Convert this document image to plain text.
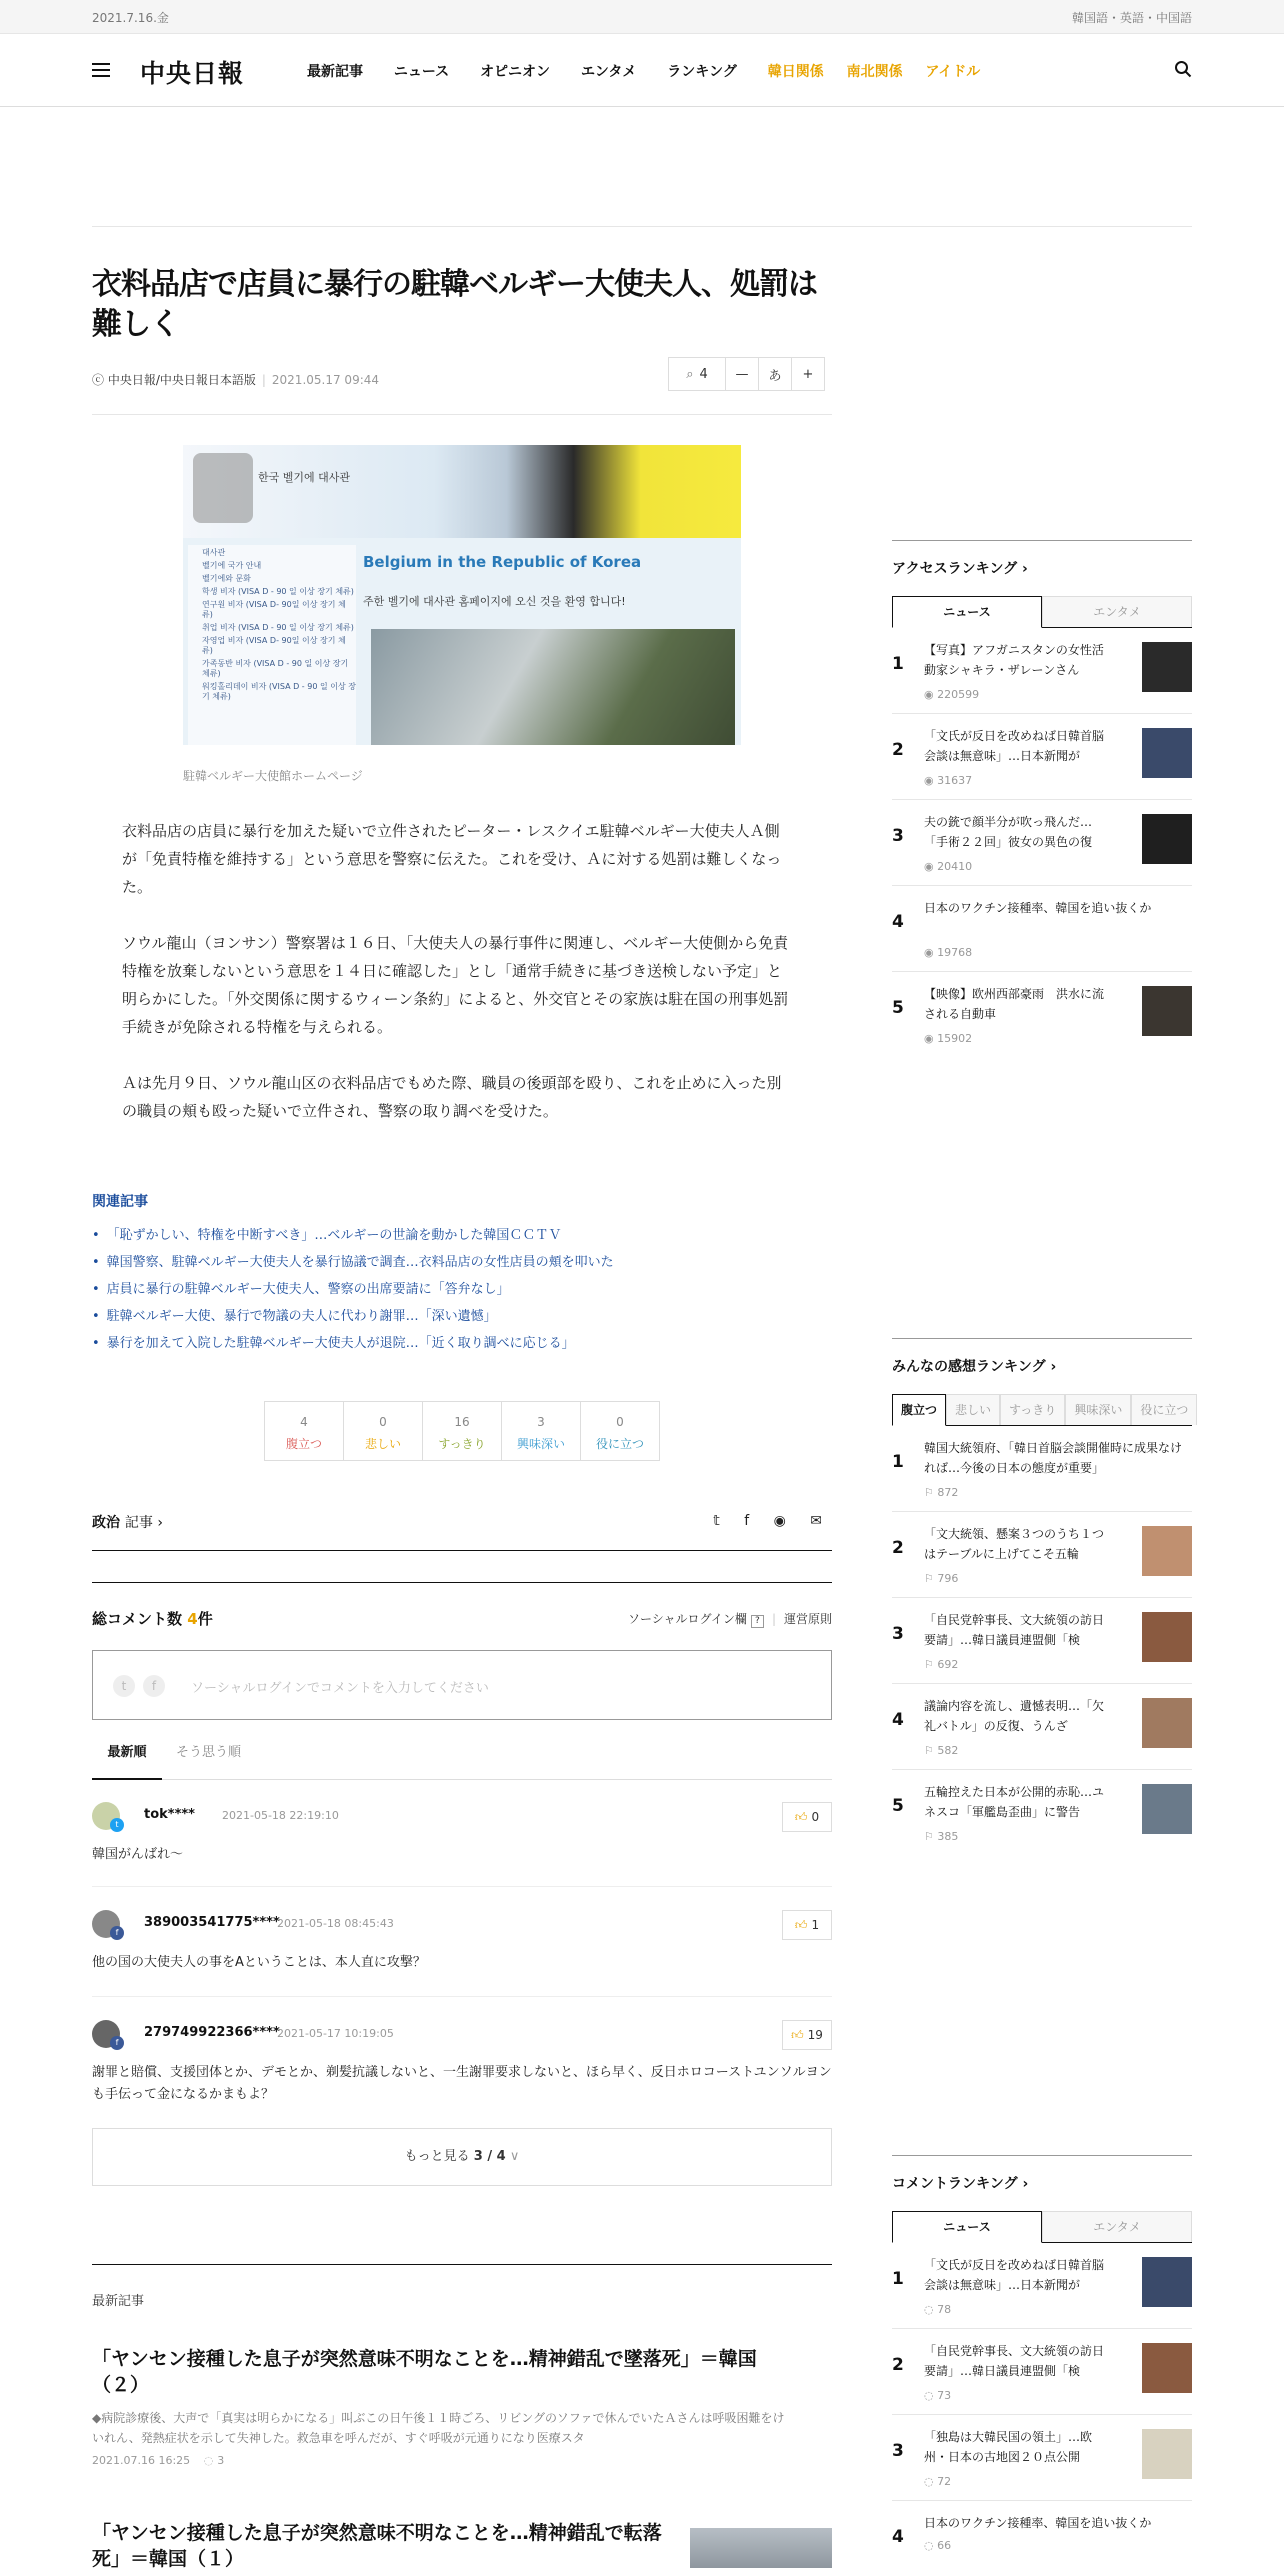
2021.7.16.金	韓国語・英語・中国語
中央日報	最新記事 ニュース オピニオン エンタメ ランキング 韓日関係 南北関係 アイドル
衣料品店で店員に暴行の駐韓ベルギー大使夫人、処罰は難しく
ⓒ 中央日報/中央日報日本語版 | 2021.05.17 09:44	⌕ 4	—	あ	+
한국 벨기에 대사관
대사관
벨기에 국가 안내
벨기에와 문화
학생 비자 (VISA D - 90 일 이상 장기 체류)
연구원 비자 (VISA D- 90일 이상 장기 체류)
취업 비자 (VISA D - 90 일 이상 장기 체류)
자영업 비자 (VISA D- 90일 이상 장기 체류)
가족동반 비자 (VISA D - 90 일 이상 장기 체류)
워킹홀리데이 비자 (VISA D - 90 일 이상 장기 체류)
Belgium in the Republic of Korea
주한 벨기에 대사관 홈페이지에 오신 것을 환영 합니다!
駐韓ベルギー大使館ホームページ

衣料品店の店員に暴行を加えた疑いで立件されたピーター・レスクイエ駐韓ベルギー大使夫人Ａ側が「免責特権を維持する」という意思を警察に伝えた。これを受け、Ａに対する処罰は難しくなった。

ソウル龍山（ヨンサン）警察署は１６日、「大使夫人の暴行事件に関連し、ベルギー大使側から免責特権を放棄しないという意思を１４日に確認した」とし「通常手続きに基づき送検しない予定」と明らかにした。「外交関係に関するウィーン条約」によると、外交官とその家族は駐在国の刑事処罰手続きが免除される特権を与えられる。

Ａは先月９日、ソウル龍山区の衣料品店でもめた際、職員の後頭部を殴り、これを止めに入った別の職員の頬も殴った疑いで立件され、警察の取り調べを受けた。

関連記事
• 「恥ずかしい、特権を中断すべき」…ベルギーの世論を動かした韓国ＣＣＴＶ
• 韓国警察、駐韓ベルギー大使夫人を暴行協議で調査…衣料品店の女性店員の頬を叩いた
• 店員に暴行の駐韓ベルギー大使夫人、警察の出席要請に「答弁なし」
• 駐韓ベルギー大使、暴行で物議の夫人に代わり謝罪…「深い遺憾」
• 暴行を加えて入院した駐韓ベルギー大使夫人が退院…「近く取り調べに応じる」
4
腹立つ
0
悲しい
16
すっきり
3
興味深い
0
役に立つ
政治 記事 ›	𝕥 f ◉ ✉
総コメント数 4件	ソーシャルログイン欄 ? | 運営原則
t	f	ソーシャルログインでコメントを入力してください
最新順	そう思う順
t
tok**** 2021-05-18 22:19:10	👍︎ 0
韓国がんばれ～
f
389003541775****
2021-05-18 08:45:43	👍︎ 1
他の国の大使夫人の事をAということは、本人直に攻撃？
f
279749922366****
2021-05-17 10:19:05	👍︎ 19
謝罪と賠償、支援団体とか、デモとか、剃髪抗議しないと、一生謝罪要求しないと、ほら早く、反日ホロコーストユンソルヨンも手伝って金になるかまもよ？
もっと見る 3 / 4 ∨
最新記事
「ヤンセン接種した息子が突然意味不明なことを…精神錯乱で墜落死」＝韓国（２）
◆病院診療後、大声で「真実は明らかになる」叫ぶこの日午後１１時ごろ、リビングのソファで休んでいたＡさんは呼吸困難をけいれん、発熱症状を示して失神した。救急車を呼んだが、すぐ呼吸が元通りになり医療スタ
2021.07.16 16:25 ◌ 3
「ヤンセン接種した息子が突然意味不明なことを…精神錯乱で転落死」＝韓国（１）
アクセスランキング ›
ニュース	エンタメ
1
【写真】アフガニスタンの女性活動家シャキラ・ザレーンさん
◉ 220599
2
「文氏が反日を改めねば日韓首脳会談は無意味」…日本新聞が
◉ 31637
3
夫の銃で顔半分が吹っ飛んだ…「手術２２回」彼女の異色の復
◉ 20410
4
日本のワクチン接種率、韓国を追い抜くか
◉ 19768
5
【映像】欧州西部豪雨　洪水に流される自動車
◉ 15902
みんなの感想ランキング ›
腹立つ	悲しい	すっきり	興味深い	役に立つ
1
韓国大統領府、「韓日首脳会談開催時に成果なければ…今後の日本の態度が重要」
⚐ 872
2
「文大統領、懸案３つのうち１つはテーブルに上げてこそ五輪
⚐ 796
3
「自民党幹事長、文大統領の訪日要請」…韓日議員連盟側「検
⚐ 692
4
議論内容を流し、遺憾表明…「欠礼バトル」の反復、うんざ
⚐ 582
5
五輪控えた日本が公開的赤恥…ユネスコ「軍艦島歪曲」に警告
⚐ 385
コメントランキング ›
ニュース	エンタメ
1
「文氏が反日を改めねば日韓首脳会談は無意味」…日本新聞が
◌ 78
2
「自民党幹事長、文大統領の訪日要請」…韓日議員連盟側「検
◌ 73
3
「独島は大韓民国の領土」…欧州・日本の古地図２０点公開
◌ 72
4
日本のワクチン接種率、韓国を追い抜くか
◌ 66
